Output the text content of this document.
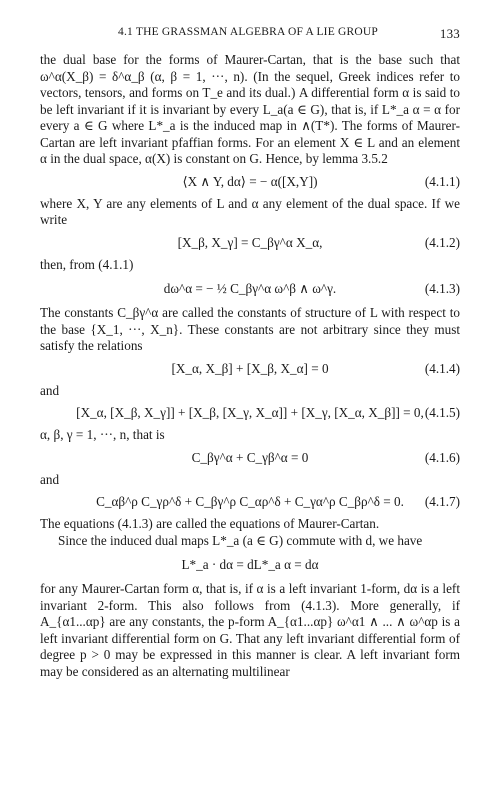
4.1 THE GRASSMAN ALGEBRA OF A LIE GROUP	133

the dual base for the forms of Maurer-Cartan, that is the base such that ω^α(X_β) = δ^α_β (α, β = 1, ···, n). (In the sequel, Greek indices refer to vectors, tensors, and forms on T_e and its dual.) A differential form α is said to be left invariant if it is invariant by every L_a(a ∈ G), that is, if L*_a α = α for every a ∈ G where L*_a is the induced map in ∧(T*). The forms of Maurer-Cartan are left invariant pfaffian forms. For an element X ∈ L and an element α in the dual space, α(X) is constant on G. Hence, by lemma 3.5.2

⟨X ∧ Y, dα⟩ = − α([X,Y])	(4.1.1)

where X, Y are any elements of L and α any element of the dual space. If we write

[X_β, X_γ] = C_βγ^α X_α,	(4.1.2)

then, from (4.1.1)

dω^α = − ½ C_βγ^α ω^β ∧ ω^γ.	(4.1.3)

The constants C_βγ^α are called the constants of structure of L with respect to the base {X_1, ···, X_n}. These constants are not arbitrary since they must satisfy the relations

[X_α, X_β] + [X_β, X_α] = 0	(4.1.4)

and

[X_α, [X_β, X_γ]] + [X_β, [X_γ, X_α]] + [X_γ, [X_α, X_β]] = 0, (4.1.5)

α, β, γ = 1, ···, n, that is

C_βγ^α + C_γβ^α = 0	(4.1.6)

and

C_αβ^ρ C_γρ^δ + C_βγ^ρ C_αρ^δ + C_γα^ρ C_βρ^δ = 0.	(4.1.7)

The equations (4.1.3) are called the equations of Maurer-Cartan.

Since the induced dual maps L*_a (a ∈ G) commute with d, we have

L*_a · dα = dL*_a α = dα

for any Maurer-Cartan form α, that is, if α is a left invariant 1-form, dα is a left invariant 2-form. This also follows from (4.1.3). More generally, if A_{α1...αp} are any constants, the p-form A_{α1...αp} ω^α1 ∧ ... ∧ ω^αp is a left invariant differential form on G. That any left invariant differential form of degree p > 0 may be expressed in this manner is clear. A left invariant form may be considered as an alternating multilinear
